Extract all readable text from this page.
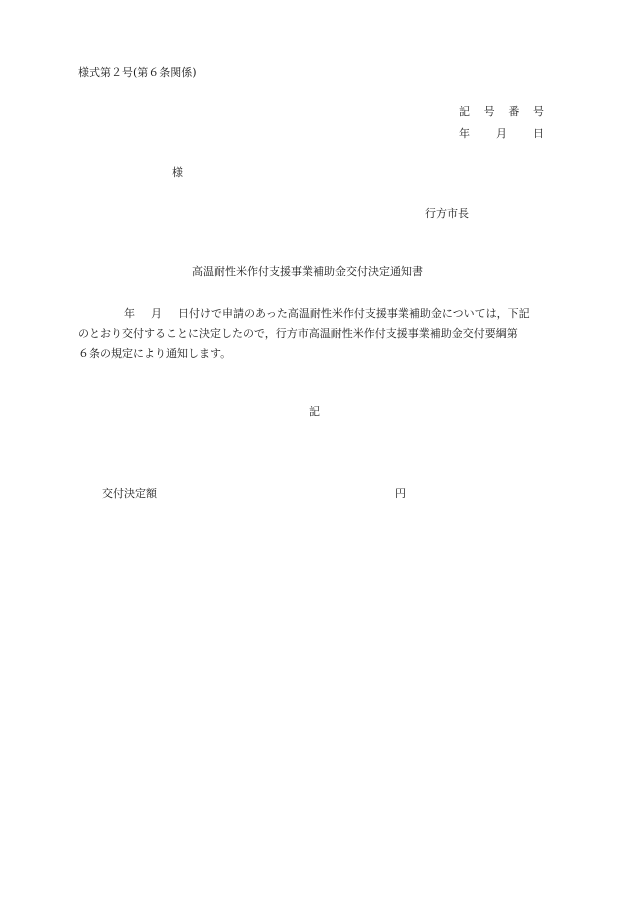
様式第２号(第６条関係)
記 号 番 号
年 月 日
様
行方市長
高温耐性米作付支援事業補助金交付決定通知書
年 月 日付けで申請のあった高温耐性米作付支援事業補助金については，下記
のとおり交付することに決定したので，行方市高温耐性米作付支援事業補助金交付要綱第
６条の規定により通知します。
記
交付決定額	円
